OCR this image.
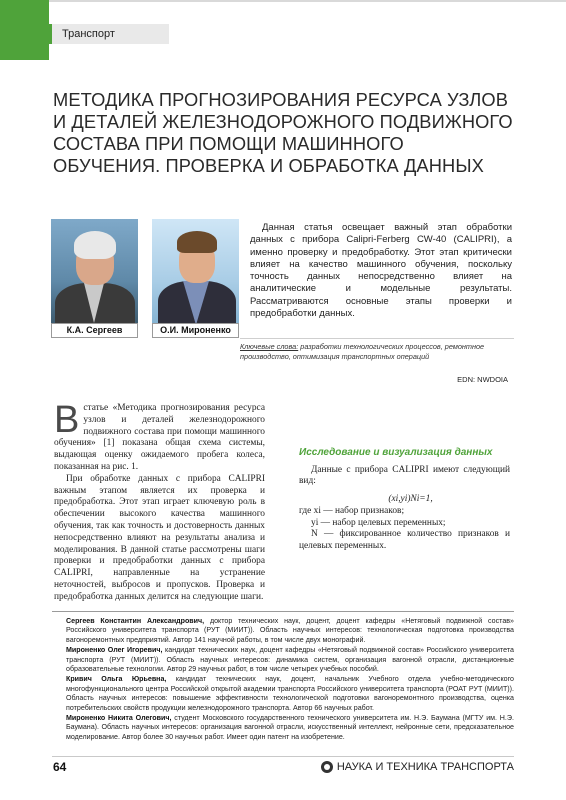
Транспорт
МЕТОДИКА ПРОГНОЗИРОВАНИЯ РЕСУРСА УЗЛОВ И ДЕТАЛЕЙ ЖЕЛЕЗНОДОРОЖНОГО ПОДВИЖНОГО СОСТАВА ПРИ ПОМОЩИ МАШИННОГО ОБУЧЕНИЯ. ПРОВЕРКА И ОБРАБОТКА ДАННЫХ
К.А. Сергеев	О.И. Мироненко

Данная статья освещает важный этап обработки данных с прибора Calipri-Ferberg CW-40 (CALIPRI), а именно проверку и предобработку. Этот этап критически влияет на качество машинного обучения, поскольку точность данных непосредственно влияет на аналитические и модельные результаты. Рассматриваются основные этапы проверки и предобработки данных.

Ключевые слова: разработки технологических процессов, ремонтное производство, оптимизация транспортных операций

EDN: NWDOIA

Встатье «Методика прогнозирования ресурса узлов и деталей железнодорожного подвижного состава при помощи машинного обучения» [1] показана общая схема системы, выдающая оценку ожидаемого пробега колеса, показанная на рис. 1.

При обработке данных с прибора CALIPRI важным этапом является их проверка и предобработка. Этот этап играет ключевую роль в обеспечении высокого качества машинного обучения, так как точность и достоверность данных непосредственно влияют на результаты анализа и моделирования. В данной статье рассмотрены шаги проверки и предобработки данных с прибора CALIPRI, направленные на устранение неточностей, выбросов и пропусков. Проверка и предобработка данных делится на следующие шаги.

Исследование и визуализация данных

Данные с прибора CALIPRI имеют следующий вид:

(xi,yi)Ni=1,

где xi — набор признаков;

yi — набор целевых переменных;

N — фиксированное количество признаков и целевых переменных.

Сергеев Константин Александрович, доктор технических наук, доцент, доцент кафедры «Нетяговый подвижной состав» Российского университета транспорта (РУТ (МИИТ)). Область научных интересов: технологическая подготовка производства вагоноремонтных предприятий. Автор 141 научной работы, в том числе двух монографий.

Мироненко Олег Игоревич, кандидат технических наук, доцент кафедры «Нетяговый подвижной состав» Российского университета транспорта (РУТ (МИИТ)). Область научных интересов: динамика систем, организация вагонной отрасли, дистанционные образовательные технологии. Автор 29 научных работ, в том числе четырех учебных пособий.

Кривич Ольга Юрьевна, кандидат технических наук, доцент, начальник Учебного отдела учебно-методического многофункционального центра Российской открытой академии транспорта Российского университета транспорта (РОАТ РУТ (МИИТ)). Область научных интересов: повышение эффективности технологической подготовки вагоноремонтного производства, оценка потребительских свойств продукции железнодорожного транспорта. Автор 66 научных работ.

Мироненко Никита Олегович, студент Московского государственного технического университета им. Н.Э. Баумана (МГТУ им. Н.Э. Баумана). Область научных интересов: организация вагонной отрасли, искусственный интеллект, нейронные сети, предсказательное моделирование. Автор более 30 научных работ. Имеет один патент на изобретение.

64	НАУКА И ТЕХНИКА ТРАНСПОРТА
